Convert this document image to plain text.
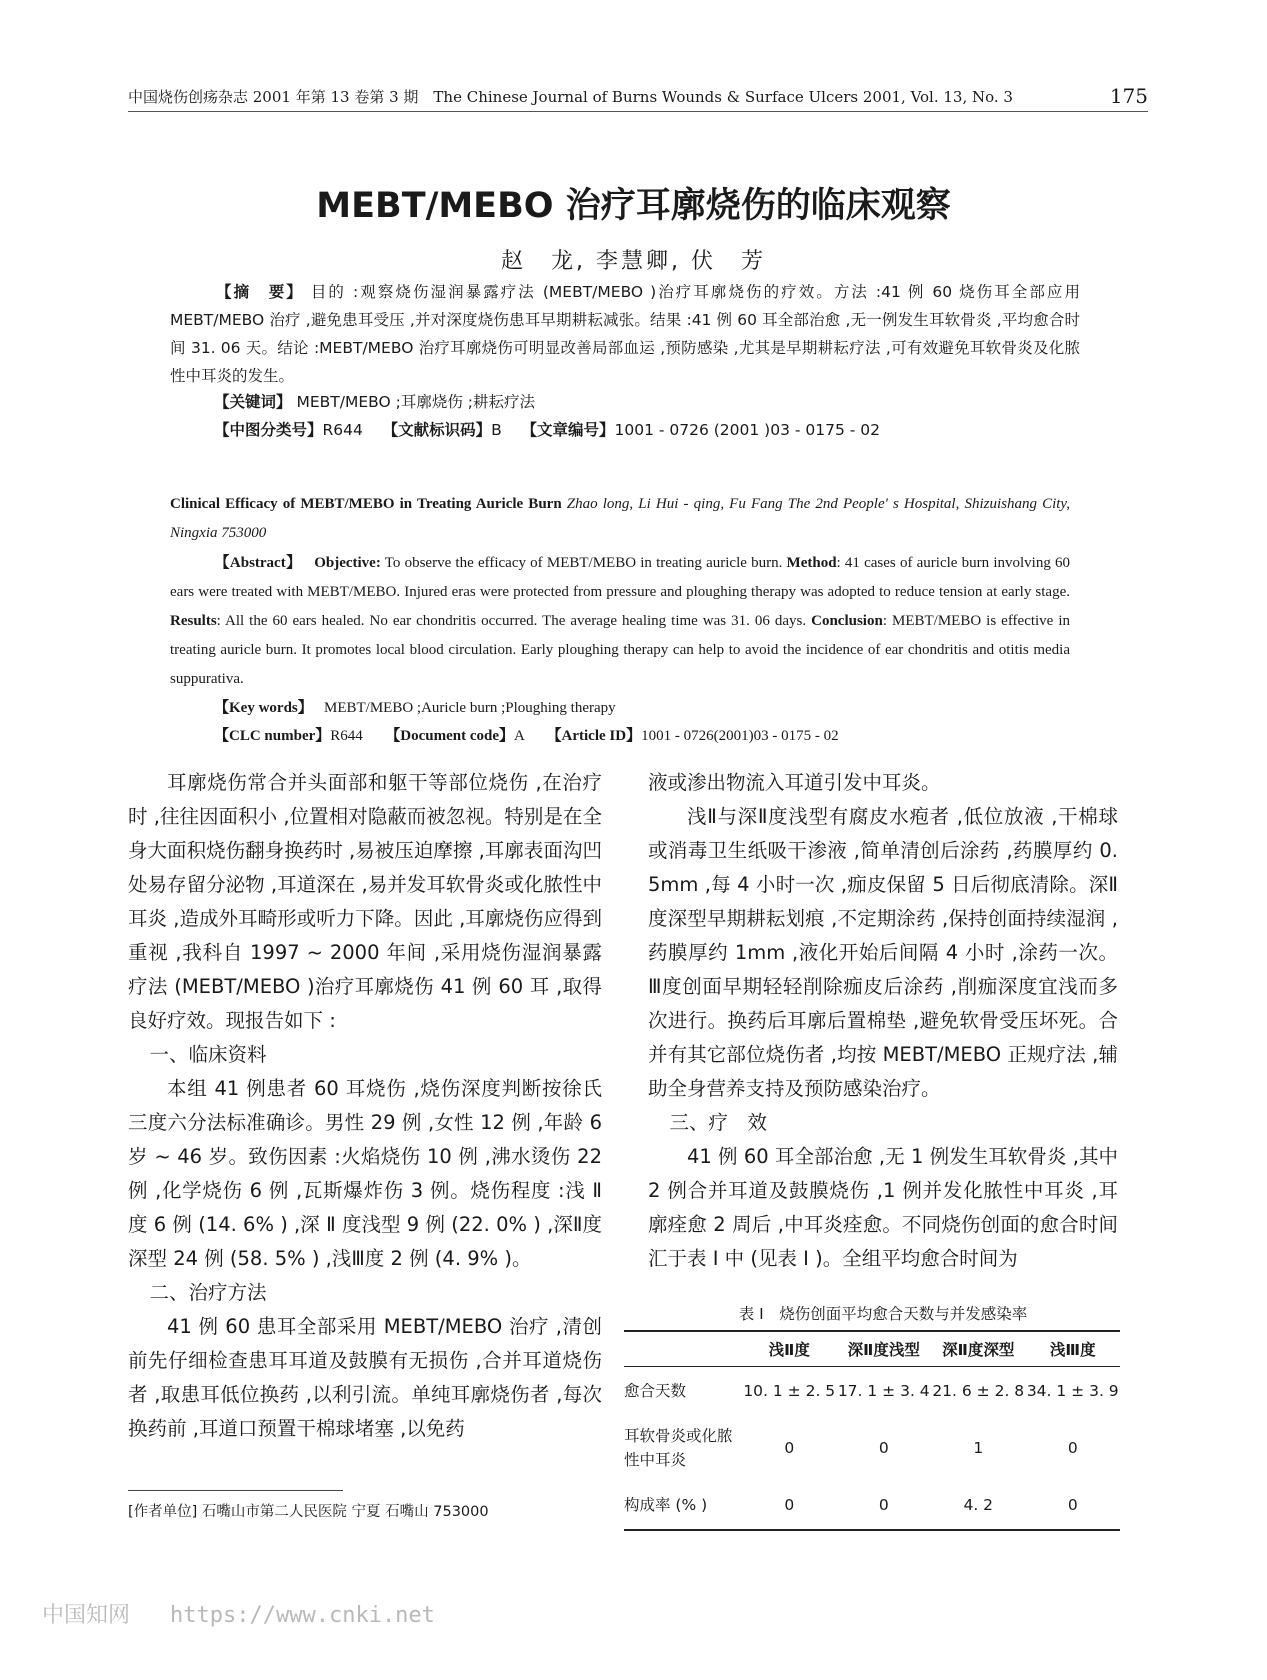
中国烧伤创疡杂志 2001 年第 13 卷第 3 期　The Chinese Journal of Burns Wounds & Surface Ulcers 2001, Vol. 13, No. 3	175
MEBT/MEBO 治疗耳廓烧伤的临床观察
赵　龙, 李慧卿, 伏　芳
【摘　要】 目的 :观察烧伤湿润暴露疗法 (MEBT/MEBO )治疗耳廓烧伤的疗效。方法 :41 例 60 烧伤耳全部应用 MEBT/MEBO 治疗 ,避免患耳受压 ,并对深度烧伤患耳早期耕耘减张。结果 :41 例 60 耳全部治愈 ,无一例发生耳软骨炎 ,平均愈合时间 31. 06 天。结论 :MEBT/MEBO 治疗耳廓烧伤可明显改善局部血运 ,预防感染 ,尤其是早期耕耘疗法 ,可有效避免耳软骨炎及化脓性中耳炎的发生。
【关键词】 MEBT/MEBO ;耳廓烧伤 ;耕耘疗法
【中图分类号】R644 【文献标识码】B 【文章编号】1001 - 0726 (2001 )03 - 0175 - 02
Clinical Efficacy of MEBT/MEBO in Treating Auricle Burn Zhao long, Li Hui - qing, Fu Fang The 2nd People' s Hospital, Shizuishang City, Ningxia 753000
【Abstract】 Objective: To observe the efficacy of MEBT/MEBO in treating auricle burn. Method: 41 cases of auricle burn involving 60 ears were treated with MEBT/MEBO. Injured eras were protected from pressure and ploughing therapy was adopted to reduce tension at early stage. Results: All the 60 ears healed. No ear chondritis occurred. The average healing time was 31. 06 days. Conclusion: MEBT/MEBO is effective in treating auricle burn. It promotes local blood circulation. Early ploughing therapy can help to avoid the incidence of ear chondritis and otitis media suppurativa.
【Key words】 MEBT/MEBO ;Auricle burn ;Ploughing therapy
【CLC number】R644 【Document code】A 【Article ID】1001 - 0726(2001)03 - 0175 - 02

耳廓烧伤常合并头面部和躯干等部位烧伤 ,在治疗时 ,往往因面积小 ,位置相对隐蔽而被忽视。特别是在全身大面积烧伤翻身换药时 ,易被压迫摩擦 ,耳廓表面沟凹处易存留分泌物 ,耳道深在 ,易并发耳软骨炎或化脓性中耳炎 ,造成外耳畸形或听力下降。因此 ,耳廓烧伤应得到重视 ,我科自 1997 ~ 2000 年间 ,采用烧伤湿润暴露疗法 (MEBT/MEBO )治疗耳廓烧伤 41 例 60 耳 ,取得良好疗效。现报告如下 :

一、临床资料

本组 41 例患者 60 耳烧伤 ,烧伤深度判断按徐氏三度六分法标准确诊。男性 29 例 ,女性 12 例 ,年龄 6 岁 ~ 46 岁。致伤因素 :火焰烧伤 10 例 ,沸水烫伤 22 例 ,化学烧伤 6 例 ,瓦斯爆炸伤 3 例。烧伤程度 :浅 Ⅱ 度 6 例 (14. 6% ) ,深 Ⅱ 度浅型 9 例 (22. 0% ) ,深Ⅱ度深型 24 例 (58. 5% ) ,浅Ⅲ度 2 例 (4. 9% )。

二、治疗方法

41 例 60 患耳全部采用 MEBT/MEBO 治疗 ,清创前先仔细检查患耳耳道及鼓膜有无损伤 ,合并耳道烧伤者 ,取患耳低位换药 ,以利引流。单纯耳廓烧伤者 ,每次换药前 ,耳道口预置干棉球堵塞 ,以免药

液或渗出物流入耳道引发中耳炎。

浅Ⅱ与深Ⅱ度浅型有腐皮水疱者 ,低位放液 ,干棉球或消毒卫生纸吸干渗液 ,简单清创后涂药 ,药膜厚约 0. 5mm ,每 4 小时一次 ,痂皮保留 5 日后彻底清除。深Ⅱ度深型早期耕耘划痕 ,不定期涂药 ,保持创面持续湿润 ,药膜厚约 1mm ,液化开始后间隔 4 小时 ,涂药一次。Ⅲ度创面早期轻轻削除痂皮后涂药 ,削痂深度宜浅而多次进行。换药后耳廓后置棉垫 ,避免软骨受压坏死。合并有其它部位烧伤者 ,均按 MEBT/MEBO 正规疗法 ,辅助全身营养支持及预防感染治疗。

三、疗　效

41 例 60 耳全部治愈 ,无 1 例发生耳软骨炎 ,其中 2 例合并耳道及鼓膜烧伤 ,1 例并发化脓性中耳炎 ,耳廓痊愈 2 周后 ,中耳炎痊愈。不同烧伤创面的愈合时间汇于表 I 中 (见表 I )。全组平均愈合时间为

表 I　烧伤创面平均愈合天数与并发感染率
	浅Ⅱ度	深Ⅱ度浅型	深Ⅱ度深型	浅Ⅲ度
愈合天数	10. 1 ± 2. 5	17. 1 ± 3. 4	21. 6 ± 2. 8	34. 1 ± 3. 9
耳软骨炎或化脓性中耳炎	0	0	1	0
构成率 (% )	0	0	4. 2	0
[作者单位] 石嘴山市第二人民医院 宁夏 石嘴山 753000
中国知网 https://www.cnki.net
